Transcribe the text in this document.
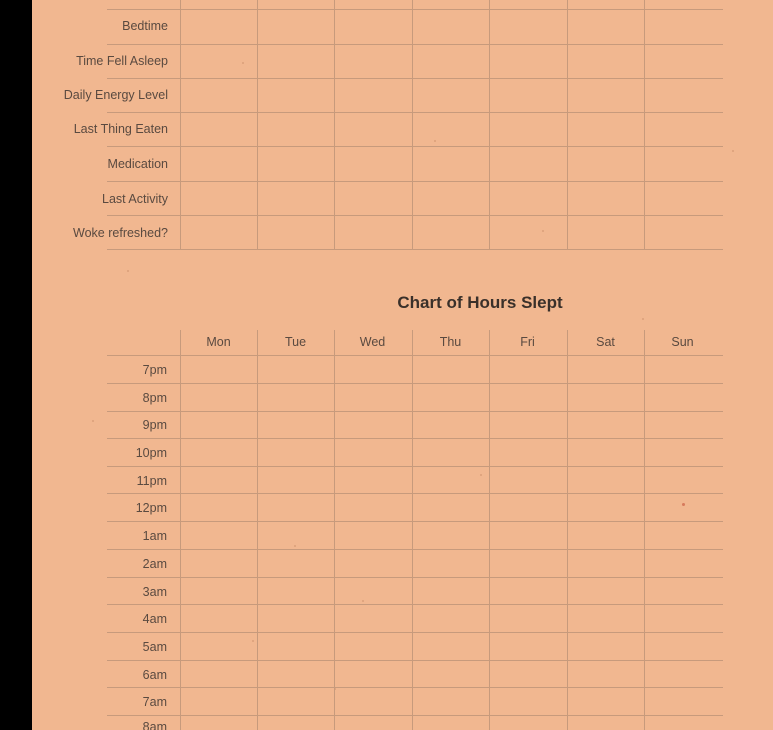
Bedtime
Time Fell Asleep
Daily Energy Level
Last Thing Eaten
Medication
Last Activity
Woke refreshed?
Chart of Hours Slept
Mon	Tue	Wed	Thu	Fri	Sat	Sun
7pm
8pm
9pm
10pm
11pm
12pm
1am
2am
3am
4am
5am
6am
7am
8am
